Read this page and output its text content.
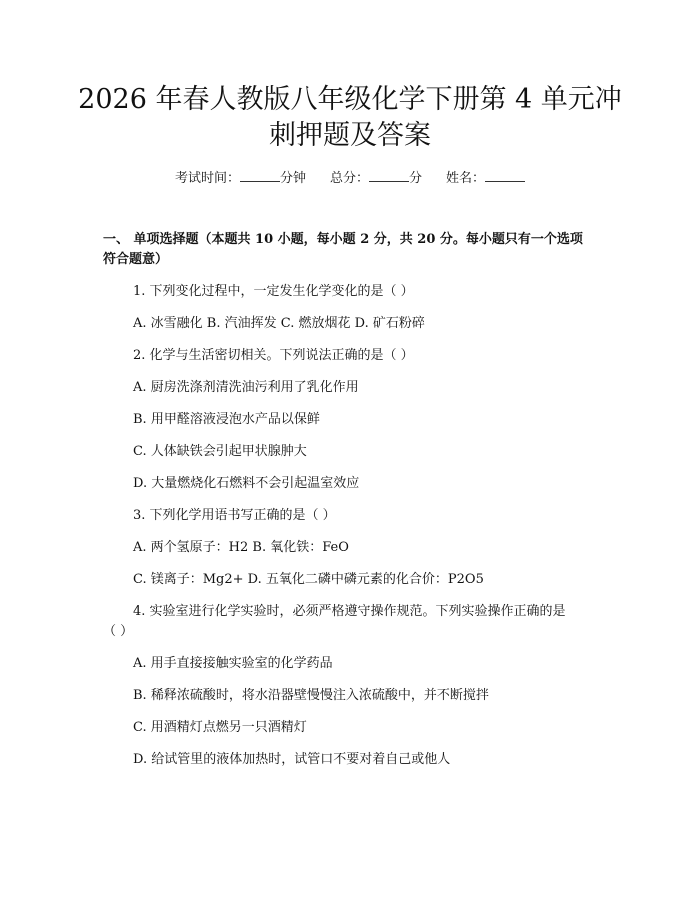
2026 年春人教版八年级化学下册第 4 单元冲
刺押题及答案
考试时间：	分钟 总分：	分 姓名：
一、 单项选择题（本题共 10 小题，每小题 2 分，共 20 分。每小题只有一个选项
符合题意）
1. 下列变化过程中，一定发生化学变化的是（ ）
A. 冰雪融化 B. 汽油挥发 C. 燃放烟花 D. 矿石粉碎
2. 化学与生活密切相关。下列说法正确的是（ ）
A. 厨房洗涤剂清洗油污利用了乳化作用
B. 用甲醛溶液浸泡水产品以保鲜
C. 人体缺铁会引起甲状腺肿大
D. 大量燃烧化石燃料不会引起温室效应
3. 下列化学用语书写正确的是（ ）
A. 两个氢原子：H2 B. 氧化铁：FeO
C. 镁离子：Mg2+ D. 五氧化二磷中磷元素的化合价：P2O5
4. 实验室进行化学实验时，必须严格遵守操作规范。下列实验操作正确的是
（ ）
A. 用手直接接触实验室的化学药品
B. 稀释浓硫酸时，将水沿器壁慢慢注入浓硫酸中，并不断搅拌
C. 用酒精灯点燃另一只酒精灯
D. 给试管里的液体加热时，试管口不要对着自己或他人
